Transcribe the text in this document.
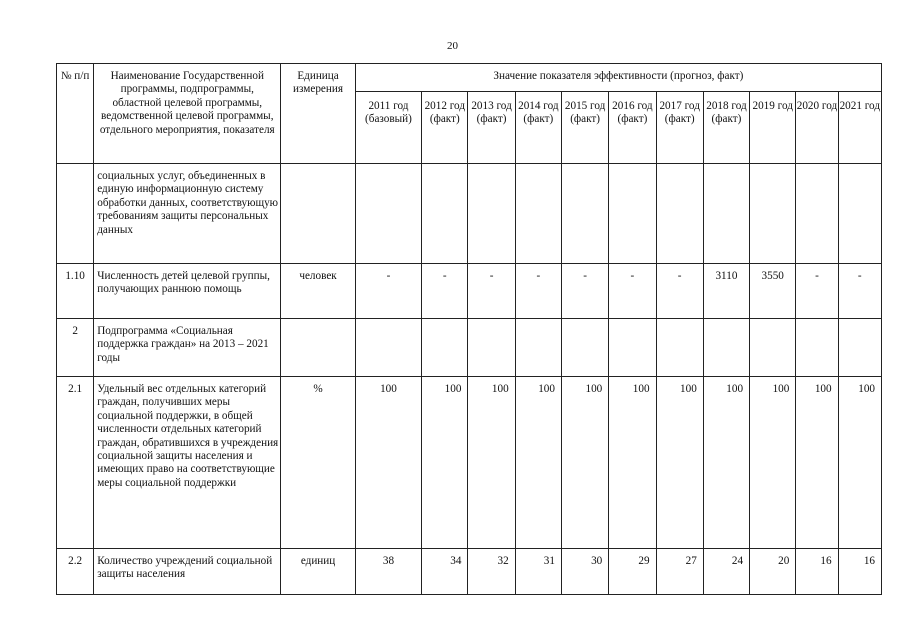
20
№ п/п	Наименование Государственной программы, подпрограммы, областной целевой программы, ведомственной целевой программы, отдельного мероприятия, показателя	Единица измерения	Значение показателя эффективности (прогноз, факт)										
			2011 год (базовый)	2012 год (факт)	2013 год (факт)	2014 год (факт)	2015 год (факт)	2016 год (факт)	2017 год (факт)	2018 год (факт)	2019 год	2020 год	2021 год
	социальных услуг, объединенных в единую информационную систему обработки данных, соответствующую требованиям защиты персональных данных												
1.10	Численность детей целевой группы, получающих раннюю помощь	человек	-	-	-	-	-	-	-	3110	3550	-	-
2	Подпрограмма «Социальная поддержка граждан» на 2013 – 2021 годы												
2.1	Удельный вес отдельных категорий граждан, получивших меры социальной поддержки, в общей численности отдельных категорий граждан, обратившихся в учреждения социальной защиты населения и имеющих право на соответствующие меры социальной поддержки	%	100	100	100	100	100	100	100	100	100	100	100
2.2	Количество учреждений социальной защиты населения	единиц	38	34	32	31	30	29	27	24	20	16	16
